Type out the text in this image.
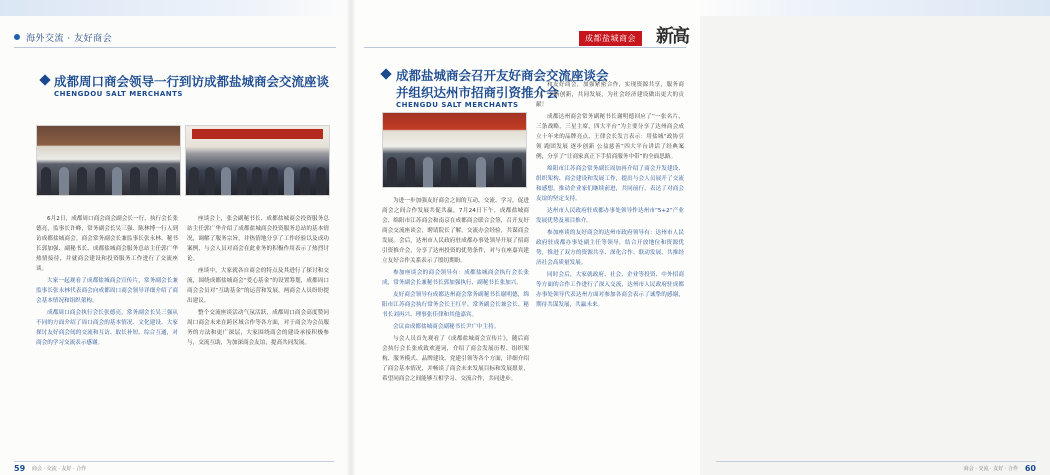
海外交流 · 友好商会
成都周口商会领导一行到访成都盐城商会交流座谈
CHENGDOU SALT MERCHANTS

6月2日，成都周口商会商会副会长一行，执行会长张德亮，监事长许峰，常务副会长吴三强、陈林博一行人到访成都盐城商会。商会常务副会长兼监事长张永林、秘书长郭加强、副秘书长、成都盐城商会服务总站主任郭广华热情接待，并就商会建设和投资服务工作进行了交流座谈。

大家一起观看了成都盐城商会宣传片，常务副会长兼监事长张永林代表商会向成都周口商会领导详细介绍了商会基本情况和组织架构。

成都周口商会执行会长张德亮，常务副会长吴三强从不同的方面介绍了周口商会的基本情况、文化建设、大家探讨友好商会间的交流和互访、取长补短、综合互通，对商会的学习交流表示感谢。

座谈会上，张会副秘书长、成都盐城商会投资服务总站主任郭广华介绍了成都盐城商会投资服务总站的基本情况，调解了服务宗旨，并热情地分享了工作经验以及成功案例，与会人员对商会在此业务的积极作用表示了热烈讨论。

座谈中，大家就各自商会的特点及其进行了探讨和交流，围绕成都盐城商会“爱心基金”的设置筹划，成都周口商会会员对“互助基金”的运营和发展，两商会人员纷纷提出建议。

整个交流座谈活动气氛活跃，成都周口商会高度赞同周口商会未来在跨区域合作等各方面，对于商会为会员服务的方法和更广深层，大家围绕商会的建设承接积极参与，交流互助，为加深商会友谊，提高共同发展。

59 商会 · 交流 · 友好 · 合作
成都盐城商会	新高
成都盐城商会召开友好商会交流座谈会
并组织达州市招商引资推介会
CHENGDU SALT MERCHANTS

为进一步加强友好商会之间的互动、交流、学习，促进商会之间合作发展共促共赢，7月24日下午，成都盐城商会、绵阳市江苏商会和南京在成都商会联合会签，召开友好商会交流座谈会，聘请院长了解，交流办会经验，共谋商会发展。会后，达州市人民政府驻成都办事处领导开展了招商引资推介会，分享了达州投资的优势条件，对与在座嘉宾建立友好合作关系表示了殷切期盼。

参加座谈会的商会领导有：成都盐城商会执行会长张成，常务副会长兼秘书长郭加强执行、副秘书长张加兴。

友好商会领导有成都达州商会常务副秘书长谢明德，绵阳市江苏商会执行常务会长王红平、常务副会长兼会长、秘书长刘再兴、理事张佳律和其他嘉宾。

会议由成都盐城商会副秘书长尹广中主持。

与会人员首先观看了《成都盐城商会宣传片》，随后商会执行会长张成致欢迎词，介绍了商会发展历程、组织架构、服务模式、品牌建设、党建引领等各个方面，详细介绍了商会基本情况，并畅谈了商会未来发展目标和发展愿景，希望同商会之间能够互相学习、交流合作，共同进步。

和友好商会，加强紧密合作，实现资源共享，服务商力，不断创新，共同发展，为社会经济建设做出更大的贡献！

成都达州商会常务副秘书长谢明德回应了“一张名片，三条战略，三星主席，四大平台”为主要分享了达州商会成立十年来的品牌亮点，王律会长发言表示：用盐城“政协引领 跑团发展 逐步创新 公益慈善”四大平台讲话了经典案例，分享了“让商家真正下手招商服务中带”的全面思路。

绵阳市江苏商会常务副长周加再介绍了商会开发建设、组织架构、商会建设和发展工作，提出与会人员展开了交流和感想，推动企业家们继续前进，共同前行，表达了对商会友谊的坚定支持。

达州市人民政府驻成都办事处领导作达州市“5+2”产业发展优势及项目推介。

参加座谈的友好商会的达州市政府领导有：达州市人民政府驻成都办事处副主任等领导，结合开放地位和资源优势，推进了双方的资源共享、深化合作、联动发展、共推经济社会高质量发展。

同时会后，大家就政府、社会、企业等投资、中外招商等方面的合作工作进行了深入交流，达州市人民政府驻成都办事处领导代表达州方面对参加各商会表示了诚挚的感谢，期待共谋发展，共赢未来。

商会 · 交流 · 友好 · 合作 60
